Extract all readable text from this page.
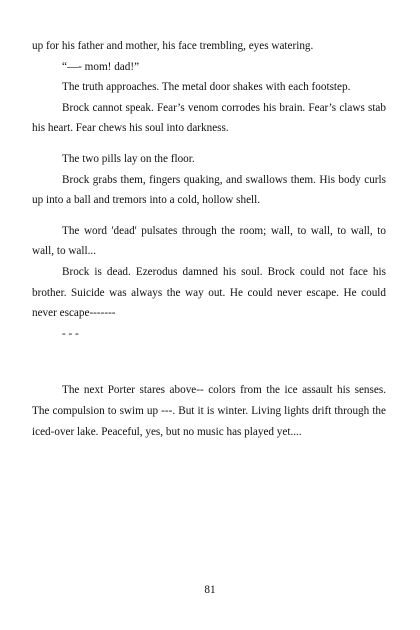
up for his father and mother, his face trembling, eyes watering.

“—- mom! dad!”

The truth approaches. The metal door shakes with each footstep.

Brock cannot speak. Fear’s venom corrodes his brain. Fear’s claws stab his heart. Fear chews his soul into darkness.

The two pills lay on the floor.

Brock grabs them, fingers quaking, and swallows them. His body curls up into a ball and tremors into a cold, hollow shell.

The word 'dead' pulsates through the room; wall, to wall, to wall, to wall, to wall...

Brock is dead. Ezerodus damned his soul. Brock could not face his brother. Suicide was always the way out. He could never escape. He could never escape-------

- - -

The next Porter stares above-- colors from the ice assault his senses. The compulsion to swim up ---. But it is winter. Living lights drift through the iced-over lake. Peaceful, yes, but no music has played yet....

81
